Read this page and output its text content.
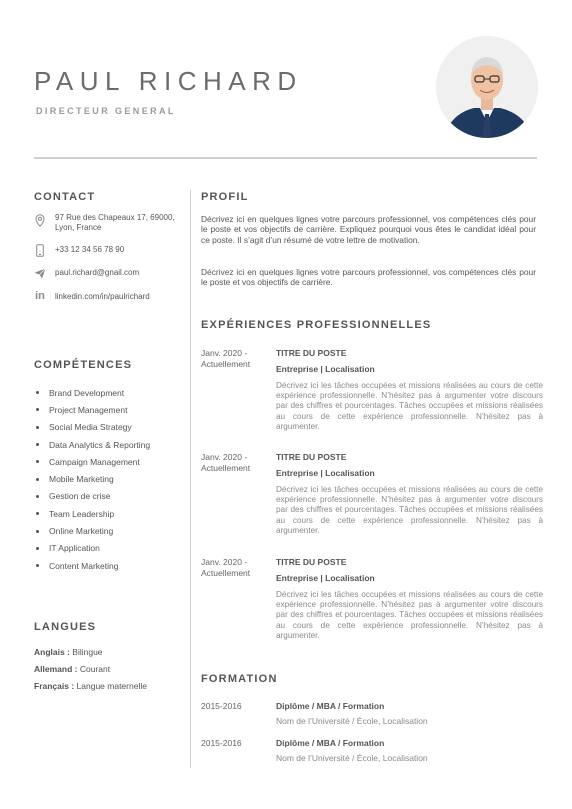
PAUL RICHARD
DIRECTEUR GENERAL
CONTACT
97 Rue des Chapeaux 17, 69000,
Lyon, France
+33 12 34 56 78 90
paul.richard@gnail.com
in linkedin.com/in/paulrichard
COMPÉTENCES
Brand Development
Project Management
Social Media Strategy
Data Analytics & Reporting
Campaign Management
Mobile Marketing
Gestion de crise
Team Leadership
Online Marketing
IT Application
Content Marketing
LANGUES
Anglais : Bilingue
Allemand : Courant
Français : Langue maternelle
PROFIL
Décrivez ici en quelques lignes votre parcours professionnel, vos compétences clés pour le poste et vos objectifs de carrière. Expliquez pourquoi vous êtes le candidat idéal pour ce poste. Il s’agit d’un résumé de votre lettre de motivation.
Décrivez ici en quelques lignes votre parcours professionnel, vos compétences clés pour le poste et vos objectifs de carrière.
EXPÉRIENCES PROFESSIONNELLES
Janv. 2020 -
Actuellement
TITRE DU POSTE
Entreprise | Localisation
Décrivez ici les tâches occupées et missions réalisées au cours de cette expérience professionnelle. N’hésitez pas à argumenter votre discours par des chiffres et pourcentages. Tâches occupées et missions réalisées au cours de cette expérience professionnelle. N’hésitez pas à argumenter.
Janv. 2020 -
Actuellement
TITRE DU POSTE
Entreprise | Localisation
Décrivez ici les tâches occupées et missions réalisées au cours de cette expérience professionnelle. N’hésitez pas à argumenter votre discours par des chiffres et pourcentages. Tâches occupées et missions réalisées au cours de cette expérience professionnelle. N’hésitez pas à argumenter.
Janv. 2020 -
Actuellement
TITRE DU POSTE
Entreprise | Localisation
Décrivez ici les tâches occupées et missions réalisées au cours de cette expérience professionnelle. N’hésitez pas à argumenter votre discours par des chiffres et pourcentages. Tâches occupées et missions réalisées au cours de cette expérience professionnelle. N’hésitez pas à argumenter.
FORMATION
2015-2016	Diplôme / MBA / Formation
Nom de l’Université / École, Localisation
2015-2016	Diplôme / MBA / Formation
Nom de l’Université / École, Localisation
